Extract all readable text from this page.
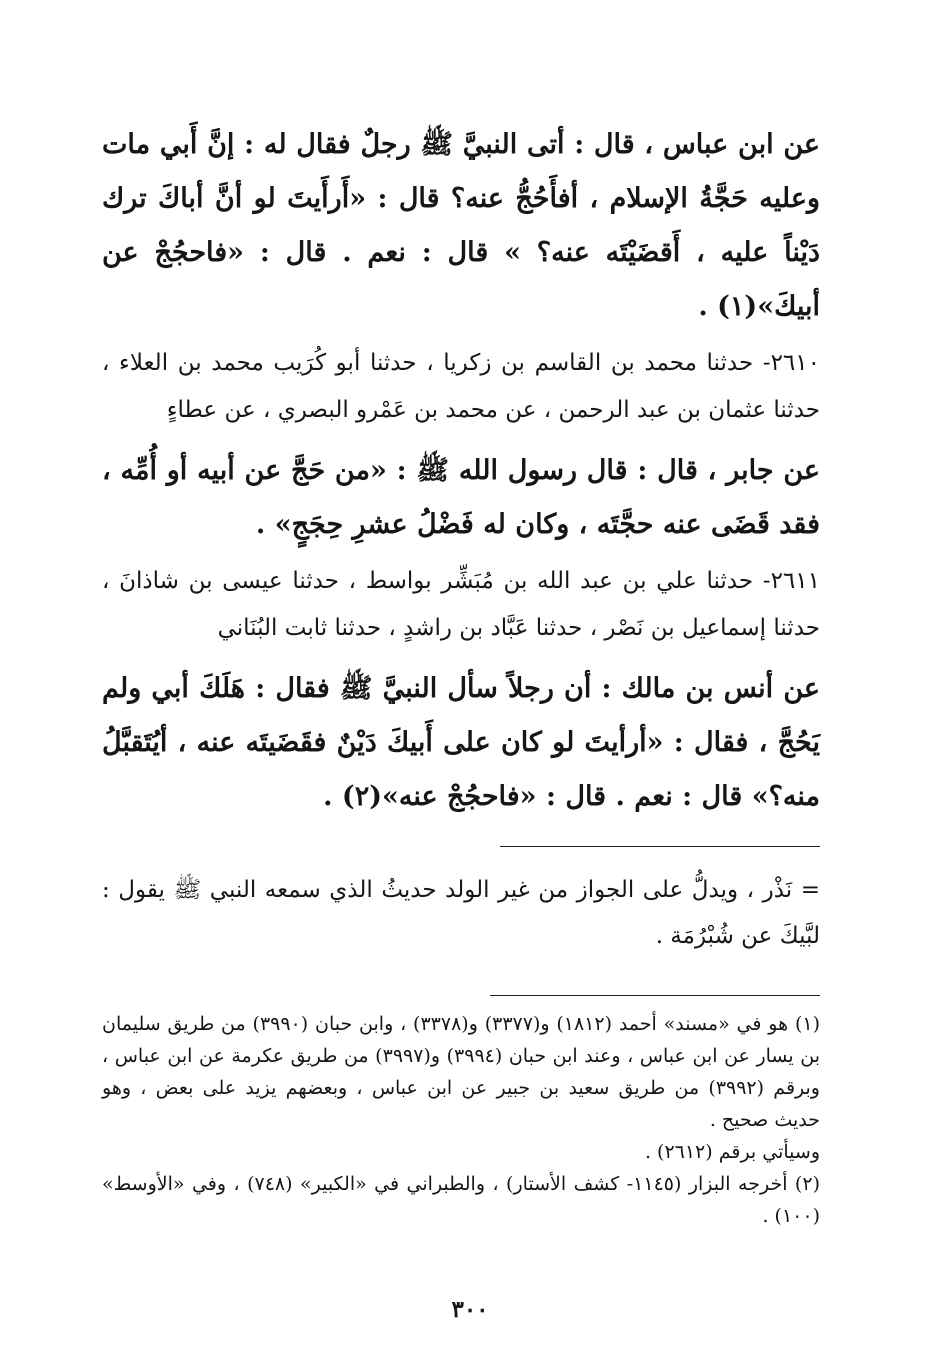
عن ابن عباس ، قال : أتى النبيَّ ﷺ رجلٌ فقال له : إنَّ أَبي مات وعليه حَجَّةُ الإسلام ، أفأَحُجُّ عنه؟ قال : «أَرأَيتَ لو أنَّ أباكَ ترك دَيْناً عليه ، أَقضَيْتَه عنه؟ » قال : نعم . قال : «فاحجُجْ عن أبيكَ»(١) .

٢٦١٠- حدثنا محمد بن القاسم بن زكريا ، حدثنا أبو كُرَيب محمد بن العلاء ، حدثنا عثمان بن عبد الرحمن ، عن محمد بن عَمْرو البصري ، عن عطاءٍ

عن جابر ، قال : قال رسول الله ﷺ : «من حَجَّ عن أبيه أو أُمِّه ، فقد قَضَى عنه حجَّتَه ، وكان له فَضْلُ عشرِ حِجَجٍ» .

٢٦١١- حدثنا علي بن عبد الله بن مُبَشِّر بواسط ، حدثنا عيسى بن شاذانَ ، حدثنا إسماعيل بن نَصْر ، حدثنا عَبَّاد بن راشدٍ ، حدثنا ثابت البُنَاني

عن أنس بن مالك : أن رجلاً سأل النبيَّ ﷺ فقال : هَلَكَ أبي ولم يَحُجَّ ، فقال : «أرأيتَ لو كان على أَبيكَ دَيْنٌ فقَضَيتَه عنه ، أيُتَقبَّلُ منه؟» قال : نعم . قال : «فاحجُجْ عنه»(٢) .

= نَذْر ، ويدلُّ على الجواز من غير الولد حديثُ الذي سمعه النبي ﷺ يقول : لبَّيكَ عن شُبْرُمَة .

(١) هو في «مسند» أحمد (١٨١٢) و(٣٣٧٧) و(٣٣٧٨) ، وابن حبان (٣٩٩٠) من طريق سليمان بن يسار عن ابن عباس ، وعند ابن حبان (٣٩٩٤) و(٣٩٩٧) من طريق عكرمة عن ابن عباس ، وبرقم (٣٩٩٢) من طريق سعيد بن جبير عن ابن عباس ، وبعضهم يزيد على بعض ، وهو حديث صحيح .

وسيأتي برقم (٢٦١٢) .

(٢) أخرجه البزار (١١٤٥- كشف الأستار) ، والطبراني في «الكبير» (٧٤٨) ، وفي «الأوسط» (١٠٠) .

٣٠٠
